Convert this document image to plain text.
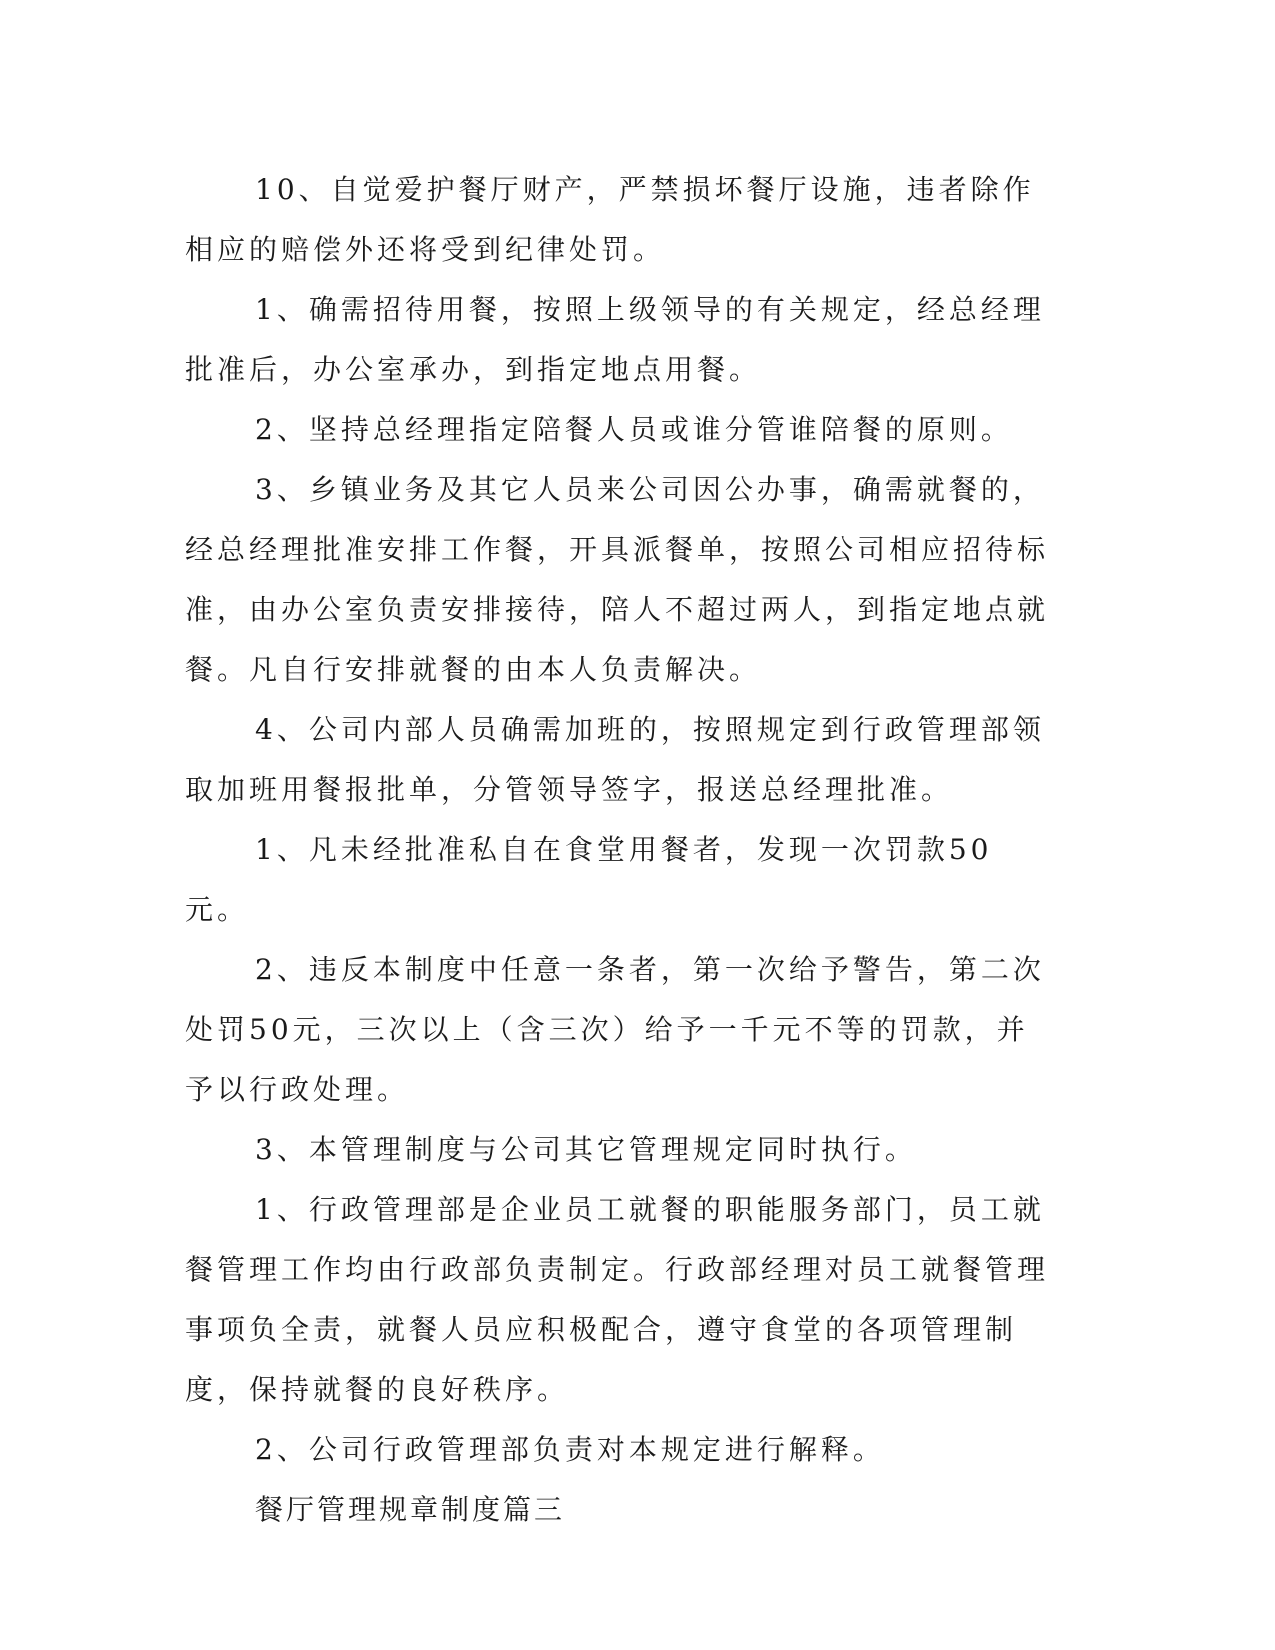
10、自觉爱护餐厅财产，严禁损坏餐厅设施，违者除作相应的赔偿外还将受到纪律处罚。

1、确需招待用餐，按照上级领导的有关规定，经总经理批准后，办公室承办，到指定地点用餐。

2、坚持总经理指定陪餐人员或谁分管谁陪餐的原则。

3、乡镇业务及其它人员来公司因公办事，确需就餐的，经总经理批准安排工作餐，开具派餐单，按照公司相应招待标准，由办公室负责安排接待，陪人不超过两人，到指定地点就餐。凡自行安排就餐的由本人负责解决。

4、公司内部人员确需加班的，按照规定到行政管理部领取加班用餐报批单，分管领导签字，报送总经理批准。

1、凡未经批准私自在食堂用餐者，发现一次罚款50元。

2、违反本制度中任意一条者，第一次给予警告，第二次处罚50元，三次以上（含三次）给予一千元不等的罚款，并予以行政处理。

3、本管理制度与公司其它管理规定同时执行。

1、行政管理部是企业员工就餐的职能服务部门，员工就餐管理工作均由行政部负责制定。行政部经理对员工就餐管理事项负全责，就餐人员应积极配合，遵守食堂的各项管理制度，保持就餐的良好秩序。

2、公司行政管理部负责对本规定进行解释。

餐厅管理规章制度篇三
